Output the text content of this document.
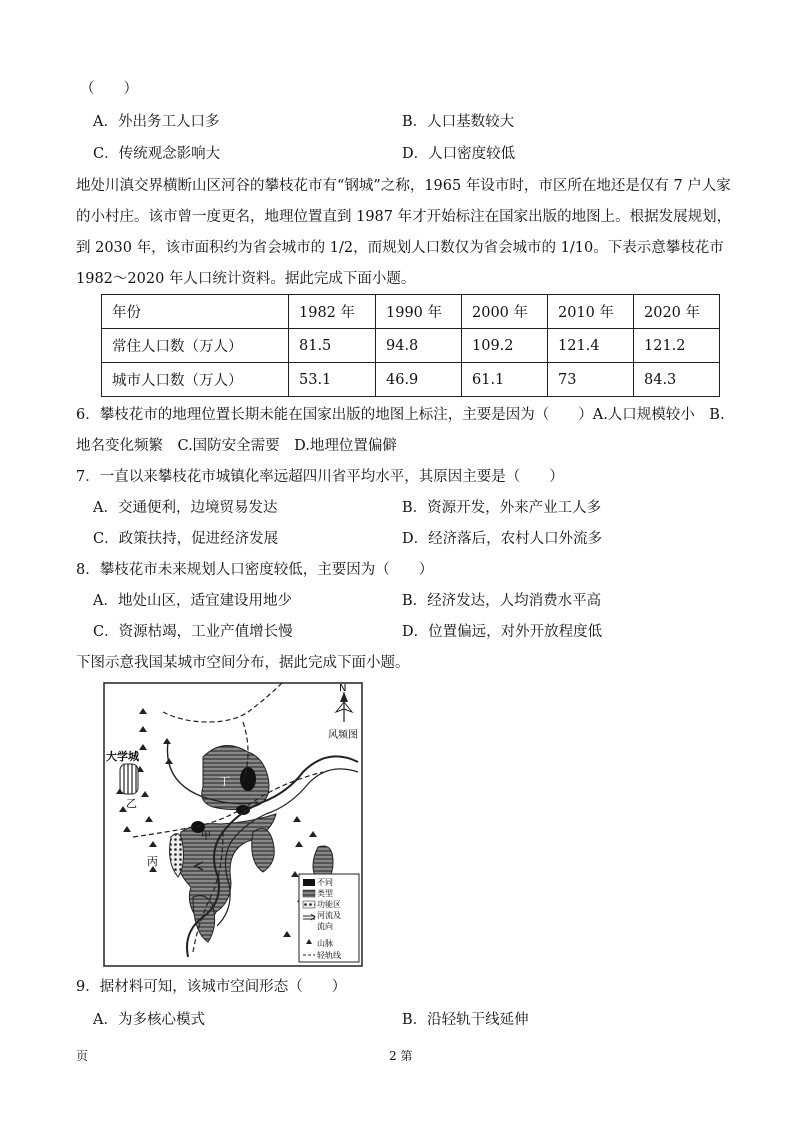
（　　）
A．外出务工人口多	B．人口基数较大
C．传统观念影响大	D．人口密度较低
地处川滇交界横断山区河谷的攀枝花市有“钢城”之称，1965 年设市时，市区所在地还是仅有 7 户人家
的小村庄。该市曾一度更名，地理位置直到 1987 年才开始标注在国家出版的地图上。根据发展规划，
到 2030 年，该市面积约为省会城市的 1/2，而规划人口数仅为省会城市的 1/10。下表示意攀枝花市
1982～2020 年人口统计资料。据此完成下面小题。
年份	1982 年	1990 年	2000 年	2010 年	2020 年
常住人口数（万人）	81.5	94.8	109.2	121.4	121.2
城市人口数（万人）	53.1	46.9	61.1	73	84.3
6．攀枝花市的地理位置长期未能在国家出版的地图上标注，主要是因为（　　）A.人口规模较小　B.
地名变化频繁　C.国防安全需要　D.地理位置偏僻
7．一直以来攀枝花市城镇化率远超四川省平均水平，其原因主要是（　　）
A．交通便利，边境贸易发达	B．资源开发，外来产业工人多
C．政策扶持，促进经济发展	D．经济落后，农村人口外流多
8．攀枝花市未来规划人口密度较低，主要因为（　　）
A．地处山区，适宜建设用地少	B．经济发达，人均消费水平高
C．资源枯竭，工业产值增长慢	D．位置偏远，对外开放程度低
下图示意我国某城市空间分布，据此完成下面小题。
N
风频图
大学城
乙
甲
丙
丁
不同
类型
功能区
河流及
流向
山脉
轻轨线
9．据材料可知，该城市空间形态（　　）
A．为多核心模式	B．沿轻轨干线延伸
页	2 第
